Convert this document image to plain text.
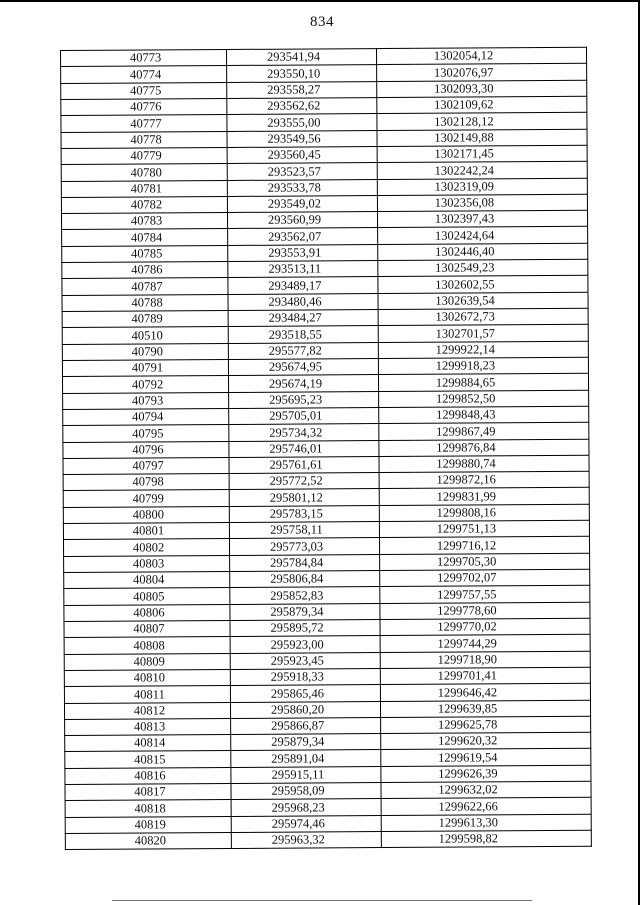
834
40773	293541,94	1302054,12
40774	293550,10	1302076,97
40775	293558,27	1302093,30
40776	293562,62	1302109,62
40777	293555,00	1302128,12
40778	293549,56	1302149,88
40779	293560,45	1302171,45
40780	293523,57	1302242,24
40781	293533,78	1302319,09
40782	293549,02	1302356,08
40783	293560,99	1302397,43
40784	293562,07	1302424,64
40785	293553,91	1302446,40
40786	293513,11	1302549,23
40787	293489,17	1302602,55
40788	293480,46	1302639,54
40789	293484,27	1302672,73
40510	293518,55	1302701,57
40790	295577,82	1299922,14
40791	295674,95	1299918,23
40792	295674,19	1299884,65
40793	295695,23	1299852,50
40794	295705,01	1299848,43
40795	295734,32	1299867,49
40796	295746,01	1299876,84
40797	295761,61	1299880,74
40798	295772,52	1299872,16
40799	295801,12	1299831,99
40800	295783,15	1299808,16
40801	295758,11	1299751,13
40802	295773,03	1299716,12
40803	295784,84	1299705,30
40804	295806,84	1299702,07
40805	295852,83	1299757,55
40806	295879,34	1299778,60
40807	295895,72	1299770,02
40808	295923,00	1299744,29
40809	295923,45	1299718,90
40810	295918,33	1299701,41
40811	295865,46	1299646,42
40812	295860,20	1299639,85
40813	295866,87	1299625,78
40814	295879,34	1299620,32
40815	295891,04	1299619,54
40816	295915,11	1299626,39
40817	295958,09	1299632,02
40818	295968,23	1299622,66
40819	295974,46	1299613,30
40820	295963,32	1299598,82
